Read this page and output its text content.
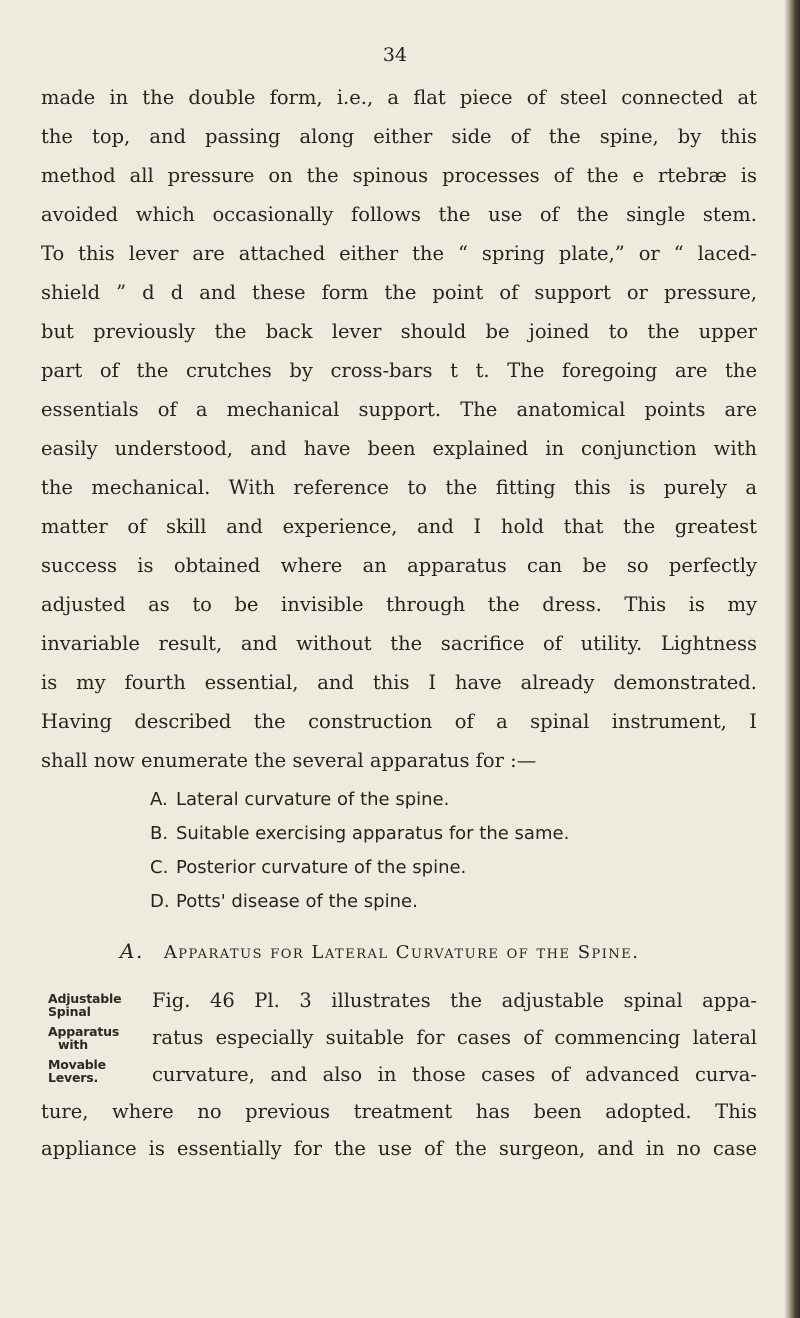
34
made in the double form, i.e., a flat piece of steel connected at
the top, and passing along either side of the spine, by this
method all pressure on the spinous processes of the e rtebræ is
avoided which occasionally follows the use of the single stem.
To this lever are attached either the “ spring plate,” or “ laced-
shield ” d d and these form the point of support or pressure,
but previously the back lever should be joined to the upper
part of the crutches by cross-bars t t. The foregoing are the
essentials of a mechanical support. The anatomical points are
easily understood, and have been explained in conjunction with
the mechanical. With reference to the fitting this is purely a
matter of skill and experience, and I hold that the greatest
success is obtained where an apparatus can be so perfectly
adjusted as to be invisible through the dress. This is my
invariable result, and without the sacrifice of utility. Lightness
is my fourth essential, and this I have already demonstrated.
Having described the construction of a spinal instrument, I
shall now enumerate the several apparatus for :—
A. Lateral curvature of the spine.
B. Suitable exercising apparatus for the same.
C. Posterior curvature of the spine.
D. Potts' disease of the spine.
A. Apparatus for Lateral Curvature of the Spine.
Adjustable
Spinal
Apparatus
with
Movable
Levers.
Fig. 46 Pl. 3 illustrates the adjustable spinal appa-
ratus especially suitable for cases of commencing lateral
curvature, and also in those cases of advanced curva-
ture, where no previous treatment has been adopted. This
appliance is essentially for the use of the surgeon, and in no case
